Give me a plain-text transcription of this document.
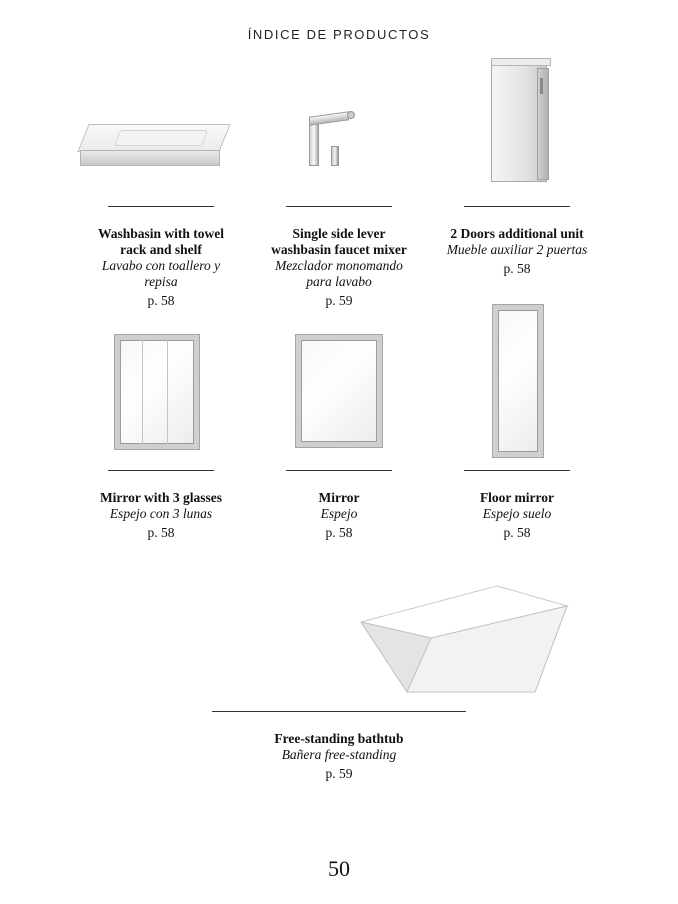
ÍNDICE DE PRODUCTOS
Washbasin with towel rack and shelf
Lavabo con toallero y repisa
p. 58
Single side lever washbasin faucet mixer
Mezclador monomando para lavabo
p. 59
2 Doors additional unit
Mueble auxiliar 2 puertas
p. 58
Mirror with 3 glasses
Espejo con 3 lunas
p. 58
Mirror
Espejo
p. 58
Floor mirror
Espejo suelo
p. 58
Free-standing bathtub
Bañera free-standing
p. 59
50
